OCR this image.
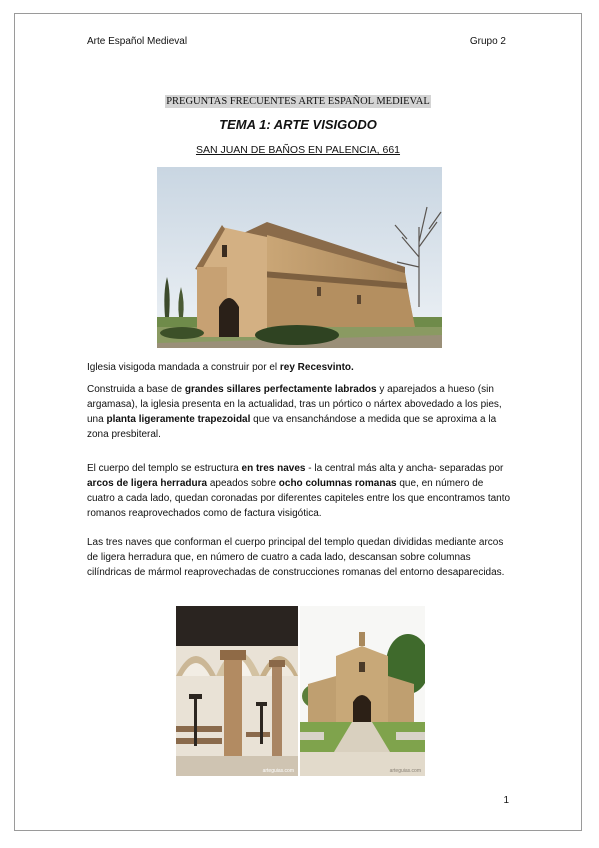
Arte Español Medieval	Grupo 2
PREGUNTAS FRECUENTES ARTE ESPAÑOL MEDIEVAL
TEMA 1: ARTE VISIGODO
SAN JUAN DE BAÑOS EN PALENCIA, 661
Iglesia visigoda mandada a construir por el rey Recesvinto.
Construida a base de grandes sillares perfectamente labrados y aparejados a hueso (sin argamasa), la iglesia presenta en la actualidad, tras un pórtico o nártex abovedado a los pies, una planta ligeramente trapezoidal que va ensanchándose a medida que se aproxima a la zona presbiteral.
El cuerpo del templo se estructura en tres naves - la central más alta y ancha- separadas por arcos de ligera herradura apeados sobre ocho columnas romanas que, en número de cuatro a cada lado, quedan coronadas por diferentes capiteles entre los que encontramos tanto romanos reaprovechados como de factura visigótica.
Las tres naves que conforman el cuerpo principal del templo quedan divididas mediante arcos de ligera herradura que, en número de cuatro a cada lado, descansan sobre columnas cilíndricas de mármol reaprovechadas de construcciones romanas del entorno desaparecidas.
arteguias.com	arteguias.com
1
